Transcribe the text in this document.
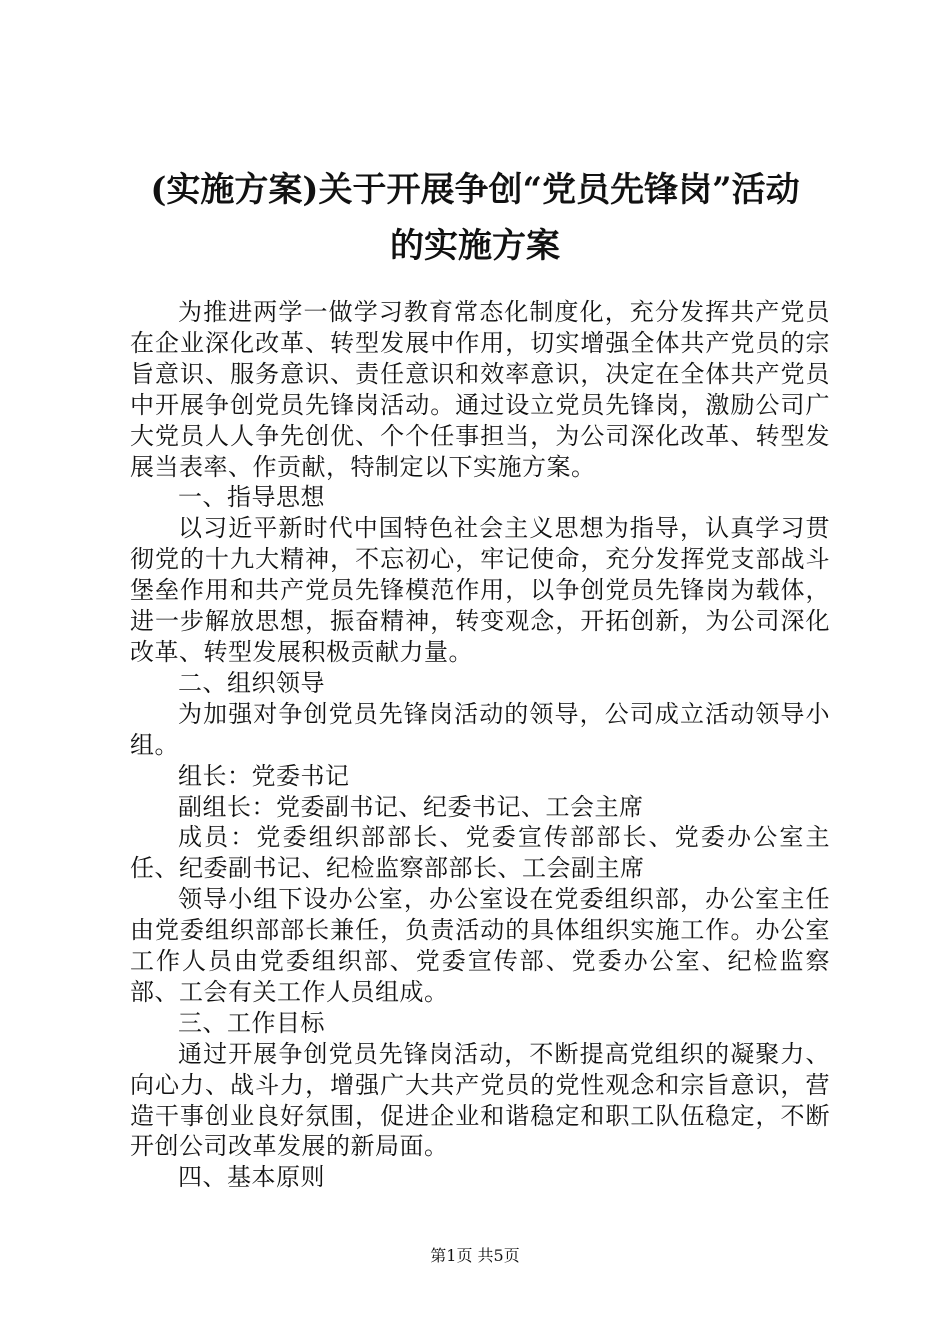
(实施方案)关于开展争创“党员先锋岗”活动
的实施方案

为推进两学一做学习教育常态化制度化，充分发挥共产党员在企业深化改革、转型发展中作用，切实增强全体共产党员的宗旨意识、服务意识、责任意识和效率意识，决定在全体共产党员中开展争创党员先锋岗活动。通过设立党员先锋岗，激励公司广大党员人人争先创优、个个任事担当，为公司深化改革、转型发展当表率、作贡献，特制定以下实施方案。

一、指导思想

以习近平新时代中国特色社会主义思想为指导，认真学习贯彻党的十九大精神，不忘初心，牢记使命，充分发挥党支部战斗堡垒作用和共产党员先锋模范作用，以争创党员先锋岗为载体，进一步解放思想，振奋精神，转变观念，开拓创新，为公司深化改革、转型发展积极贡献力量。

二、组织领导

为加强对争创党员先锋岗活动的领导，公司成立活动领导小组。

组长：党委书记

副组长：党委副书记、纪委书记、工会主席

成员：党委组织部部长、党委宣传部部长、党委办公室主任、纪委副书记、纪检监察部部长、工会副主席

领导小组下设办公室，办公室设在党委组织部，办公室主任由党委组织部部长兼任，负责活动的具体组织实施工作。办公室工作人员由党委组织部、党委宣传部、党委办公室、纪检监察部、工会有关工作人员组成。

三、工作目标

通过开展争创党员先锋岗活动，不断提高党组织的凝聚力、向心力、战斗力，增强广大共产党员的党性观念和宗旨意识，营造干事创业良好氛围，促进企业和谐稳定和职工队伍稳定，不断开创公司改革发展的新局面。

四、基本原则

第1页 共5页
